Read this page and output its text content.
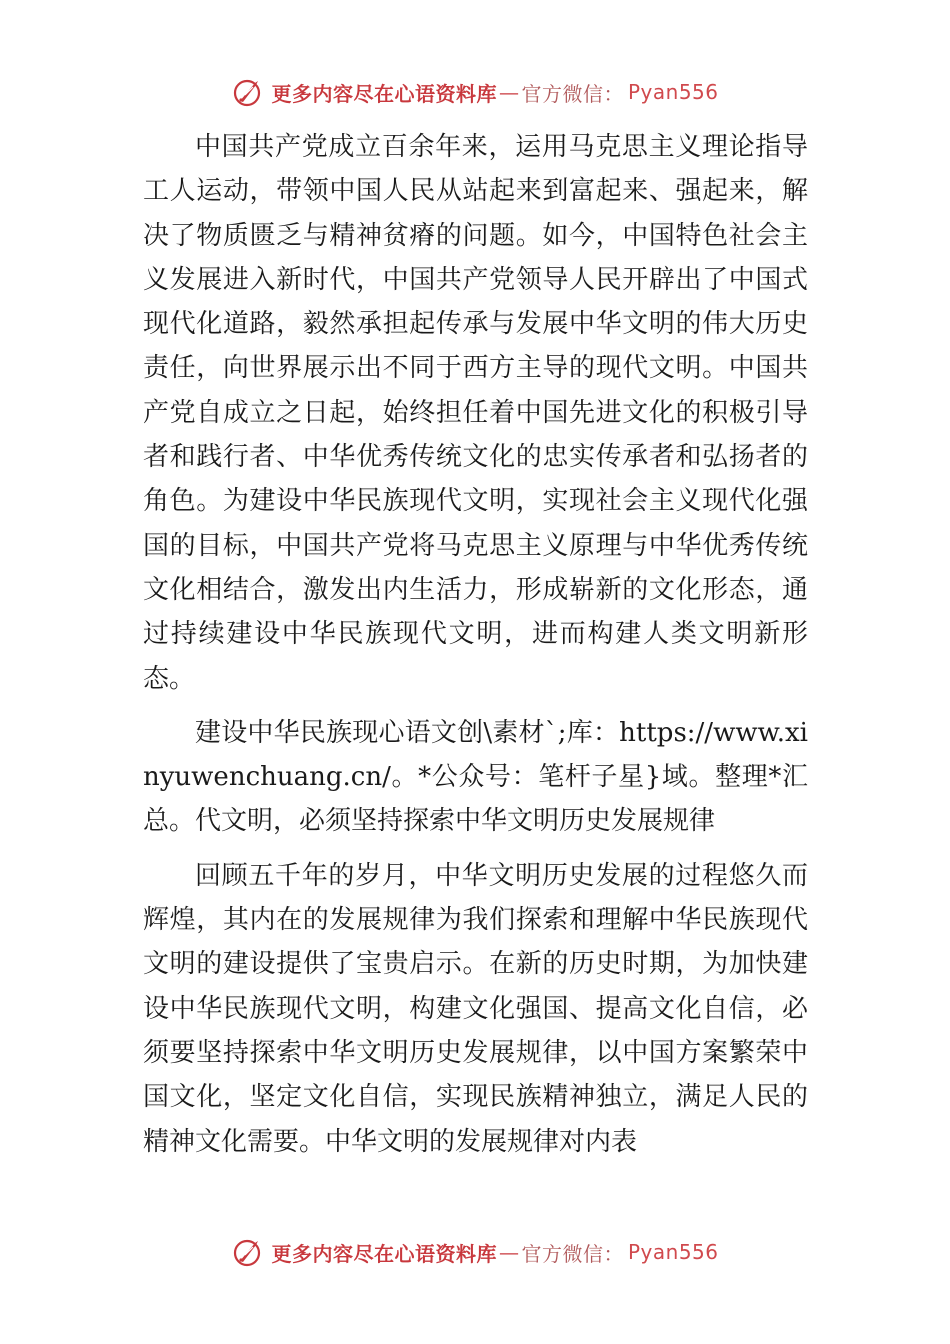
更多内容尽在心语资料库 — 官方微信： Pyan556

中国共产党成立百余年来，运用马克思主义理论指导工人运动，带领中国人民从站起来到富起来、强起来，解决了物质匮乏与精神贫瘠的问题。如今，中国特色社会主义发展进入新时代，中国共产党领导人民开辟出了中国式现代化道路，毅然承担起传承与发展中华文明的伟大历史责任，向世界展示出不同于西方主导的现代文明。中国共产党自成立之日起，始终担任着中国先进文化的积极引导者和践行者、中华优秀传统文化的忠实传承者和弘扬者的角色。为建设中华民族现代文明，实现社会主义现代化强国的目标，中国共产党将马克思主义原理与中华优秀传统文化相结合，激发出内生活力，形成崭新的文化形态，通过持续建设中华民族现代文明，进而构建人类文明新形态。

建设中华民族现心语文创\素材`;库：https://www.xinyuwenchuang.cn/。*公众号：笔杆子星}域。整理*汇总。代文明，必须坚持探索中华文明历史发展规律

回顾五千年的岁月，中华文明历史发展的过程悠久而辉煌，其内在的发展规律为我们探索和理解中华民族现代文明的建设提供了宝贵启示。在新的历史时期，为加快建设中华民族现代文明，构建文化强国、提高文化自信，必须要坚持探索中华文明历史发展规律，以中国方案繁荣中国文化，坚定文化自信，实现民族精神独立，满足人民的精神文化需要。中华文明的发展规律对内表

更多内容尽在心语资料库 — 官方微信： Pyan556
